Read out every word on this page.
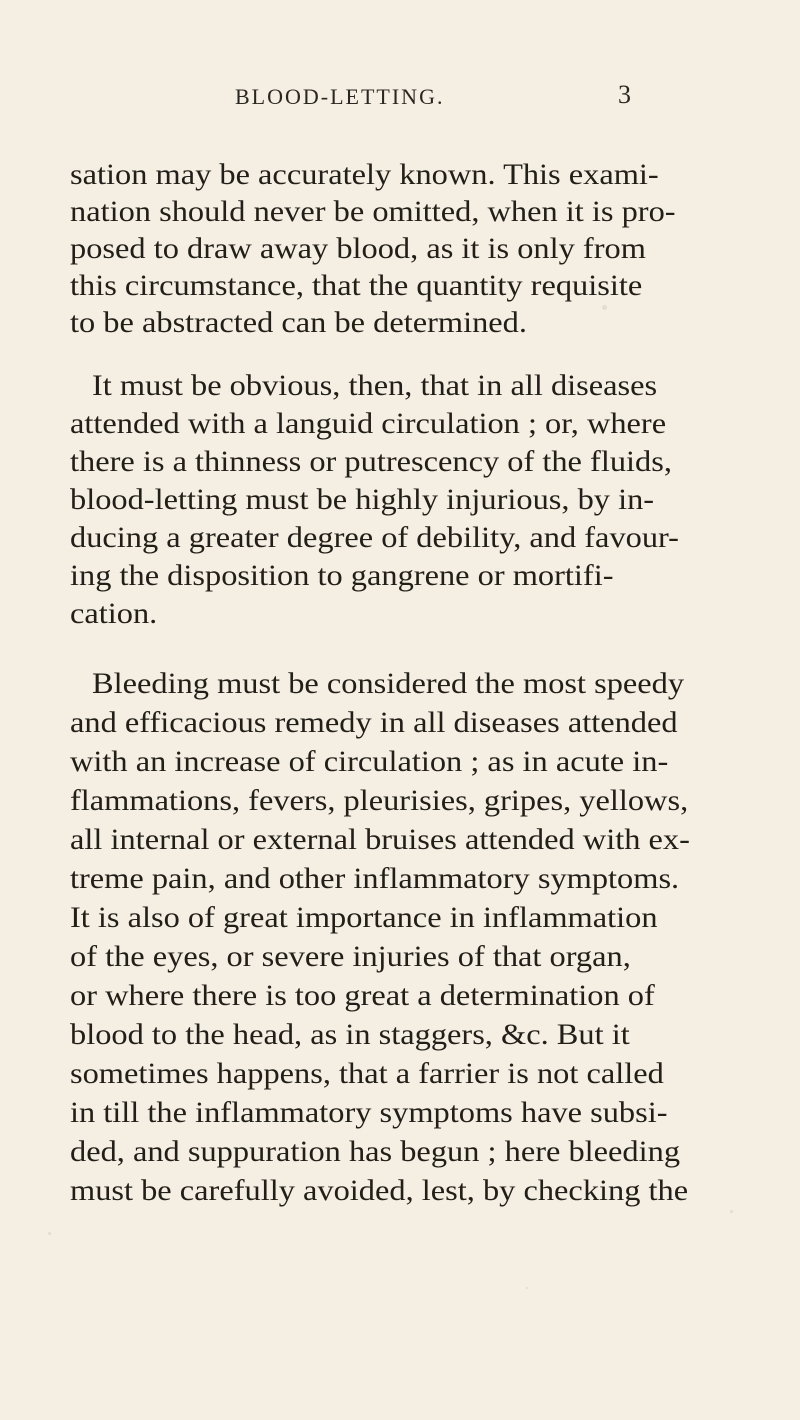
BLOOD-LETTING.	3
sation may be accurately known. This exami-
nation should never be omitted, when it is pro-
posed to draw away blood, as it is only from
this circumstance, that the quantity requisite
to be abstracted can be determined.
It must be obvious, then, that in all diseases
attended with a languid circulation ; or, where
there is a thinness or putrescency of the fluids,
blood-letting must be highly injurious, by in-
ducing a greater degree of debility, and favour-
ing the disposition to gangrene or mortifi-
cation.
Bleeding must be considered the most speedy
and efficacious remedy in all diseases attended
with an increase of circulation ; as in acute in-
flammations, fevers, pleurisies, gripes, yellows,
all internal or external bruises attended with ex-
treme pain, and other inflammatory symptoms.
It is also of great importance in inflammation
of the eyes, or severe injuries of that organ,
or where there is too great a determination of
blood to the head, as in staggers, &c. But it
sometimes happens, that a farrier is not called
in till the inflammatory symptoms have subsi-
ded, and suppuration has begun ; here bleeding
must be carefully avoided, lest, by checking the
